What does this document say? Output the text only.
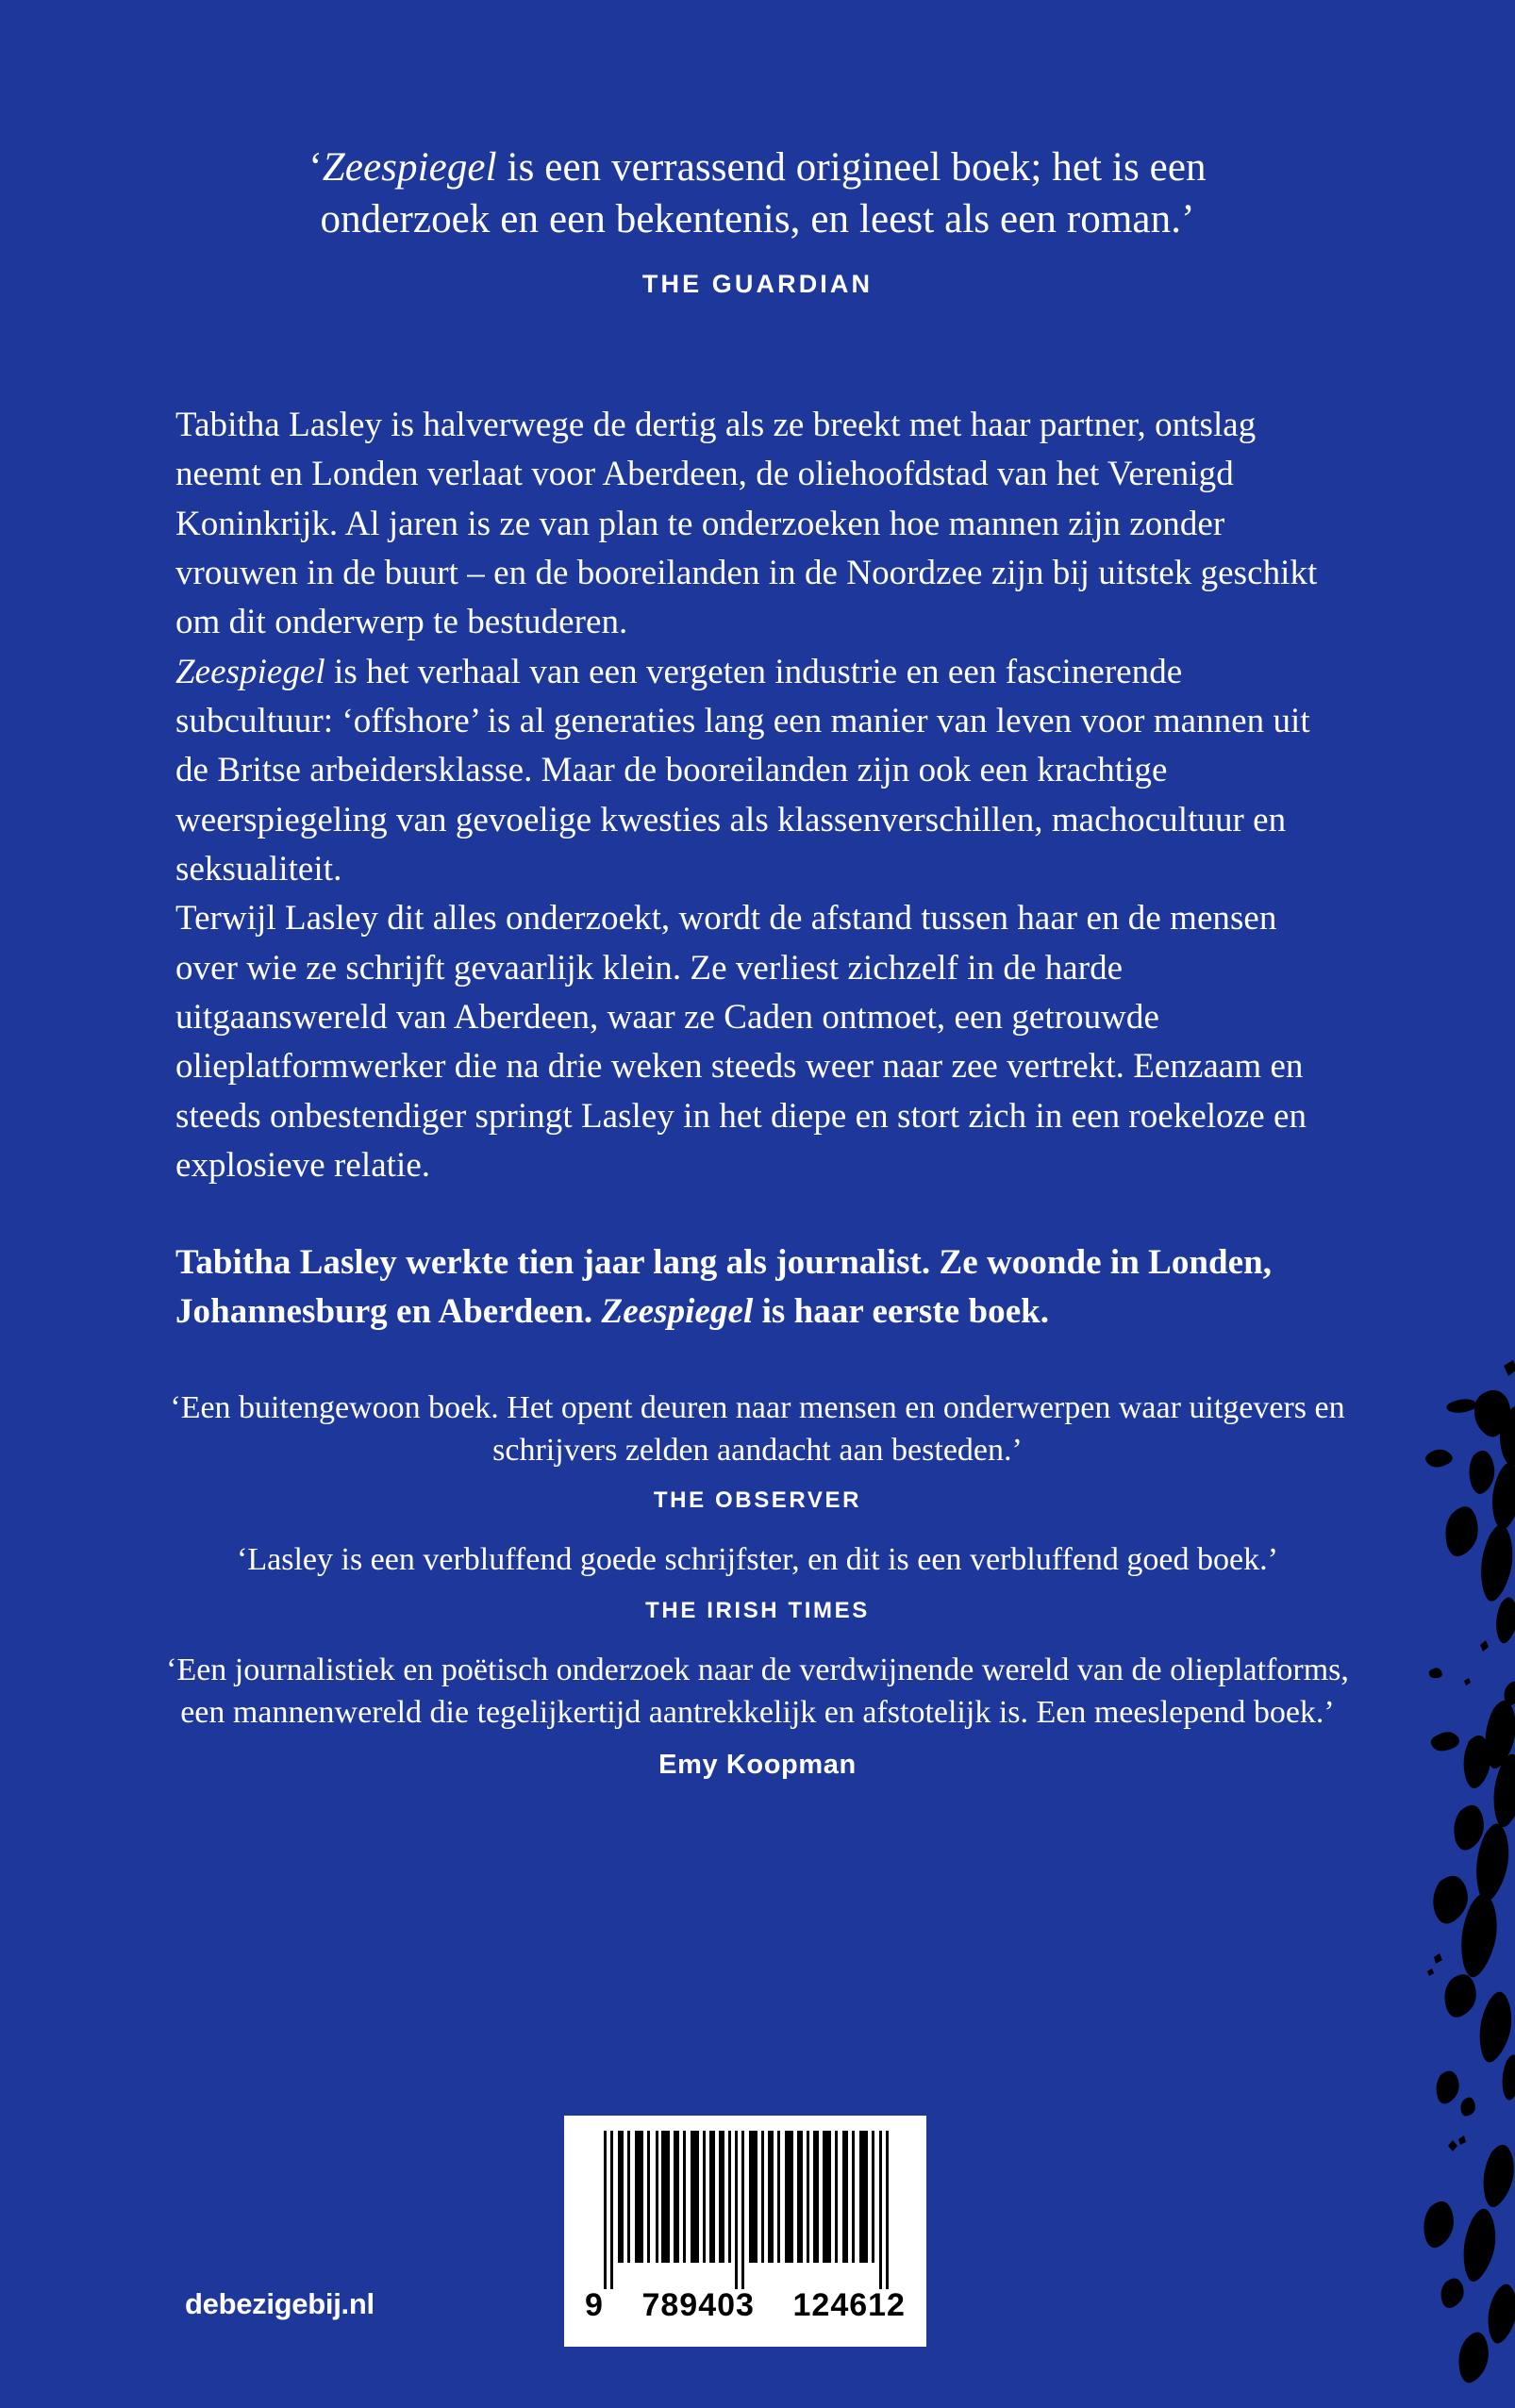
‘Zeespiegel is een verrassend origineel boek; het is een
onderzoek en een bekentenis, en leest als een roman.’

THE GUARDIAN

Tabitha Lasley is halverwege de dertig als ze breekt met haar partner, ontslag neemt en Londen verlaat voor Aberdeen, de oliehoofdstad van het Verenigd Koninkrijk. Al jaren is ze van plan te onderzoeken hoe mannen zijn zonder vrouwen in de buurt – en de booreilanden in de Noordzee zijn bij uitstek geschikt om dit onderwerp te bestuderen.

Zeespiegel is het verhaal van een vergeten industrie en een fascinerende subcultuur: ‘offshore’ is al generaties lang een manier van leven voor mannen uit de Britse arbeidersklasse. Maar de booreilanden zijn ook een krachtige weerspiegeling van gevoelige kwesties als klassenverschillen, machocultuur en seksualiteit.

Terwijl Lasley dit alles onderzoekt, wordt de afstand tussen haar en de mensen over wie ze schrijft gevaarlijk klein. Ze verliest zichzelf in de harde uitgaanswereld van Aberdeen, waar ze Caden ontmoet, een getrouwde olieplatformwerker die na drie weken steeds weer naar zee vertrekt. Eenzaam en steeds onbestendiger springt Lasley in het diepe en stort zich in een roekeloze en explosieve relatie.

Tabitha Lasley werkte tien jaar lang als journalist. Ze woonde in Londen, Johannesburg en Aberdeen. Zeespiegel is haar eerste boek.

‘Een buitengewoon boek. Het opent deuren naar mensen en onderwerpen waar uitgevers en schrijvers zelden aandacht aan besteden.’

THE OBSERVER

‘Lasley is een verbluffend goede schrijfster, en dit is een verbluffend goed boek.’

THE IRISH TIMES

‘Een journalistiek en poëtisch onderzoek naar de verdwijnende wereld van de olieplatforms, een mannenwereld die tegelijkertijd aantrekkelijk en afstotelijk is. Een meeslepend boek.’

Emy Koopman
debezigebij.nl	9 789403 124612
